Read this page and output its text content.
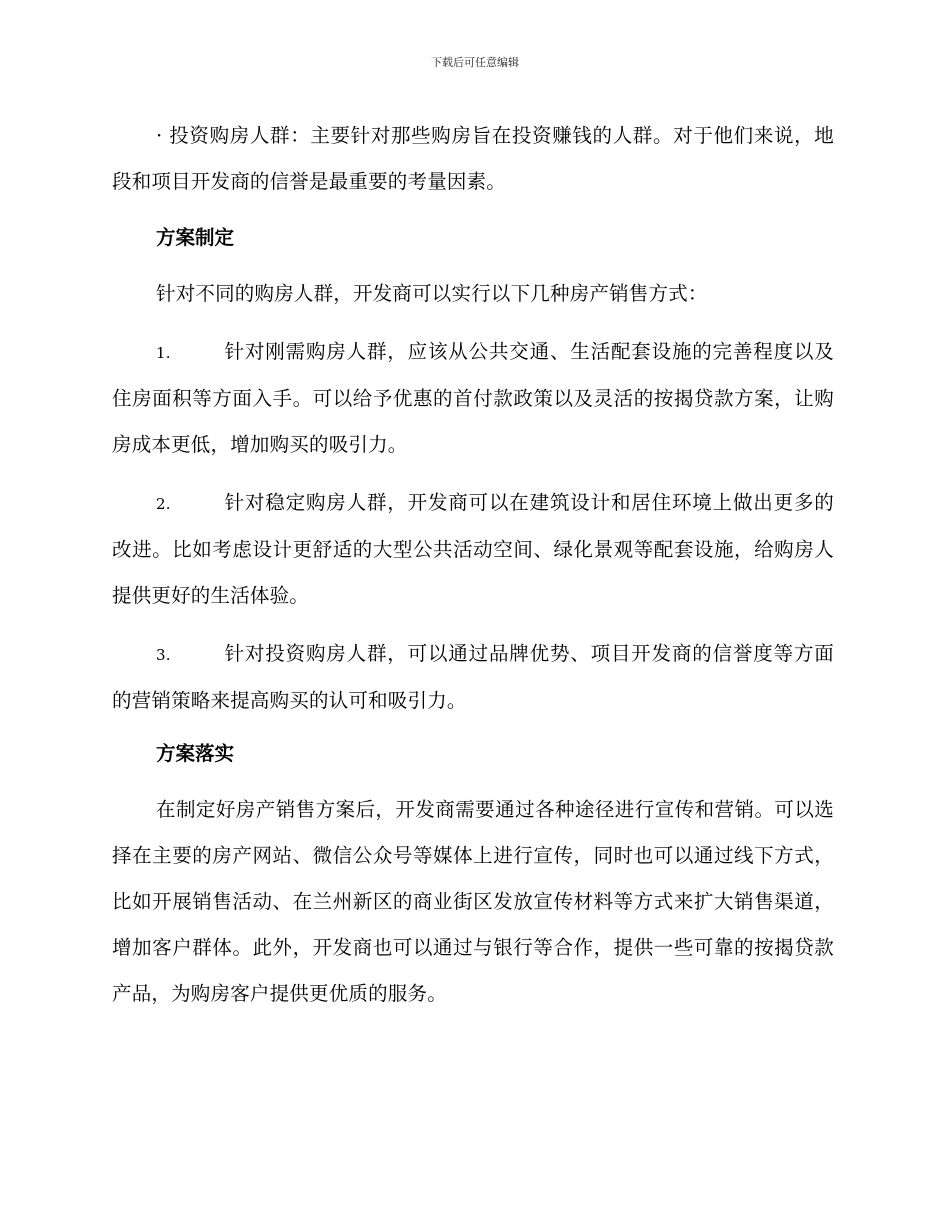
下载后可任意编辑

· 投资购房人群：主要针对那些购房旨在投资赚钱的人群。对于他们来说，地段和项目开发商的信誉是最重要的考量因素。

方案制定

针对不同的购房人群，开发商可以实行以下几种房产销售方式：

1.	针对刚需购房人群，应该从公共交通、生活配套设施的完善程度以及住房面积等方面入手。可以给予优惠的首付款政策以及灵活的按揭贷款方案，让购房成本更低，增加购买的吸引力。

2.	针对稳定购房人群，开发商可以在建筑设计和居住环境上做出更多的改进。比如考虑设计更舒适的大型公共活动空间、绿化景观等配套设施，给购房人提供更好的生活体验。

3.	针对投资购房人群，可以通过品牌优势、项目开发商的信誉度等方面的营销策略来提高购买的认可和吸引力。

方案落实

在制定好房产销售方案后，开发商需要通过各种途径进行宣传和营销。可以选择在主要的房产网站、微信公众号等媒体上进行宣传，同时也可以通过线下方式，比如开展销售活动、在兰州新区的商业街区发放宣传材料等方式来扩大销售渠道，增加客户群体。此外，开发商也可以通过与银行等合作，提供一些可靠的按揭贷款产品，为购房客户提供更优质的服务。
